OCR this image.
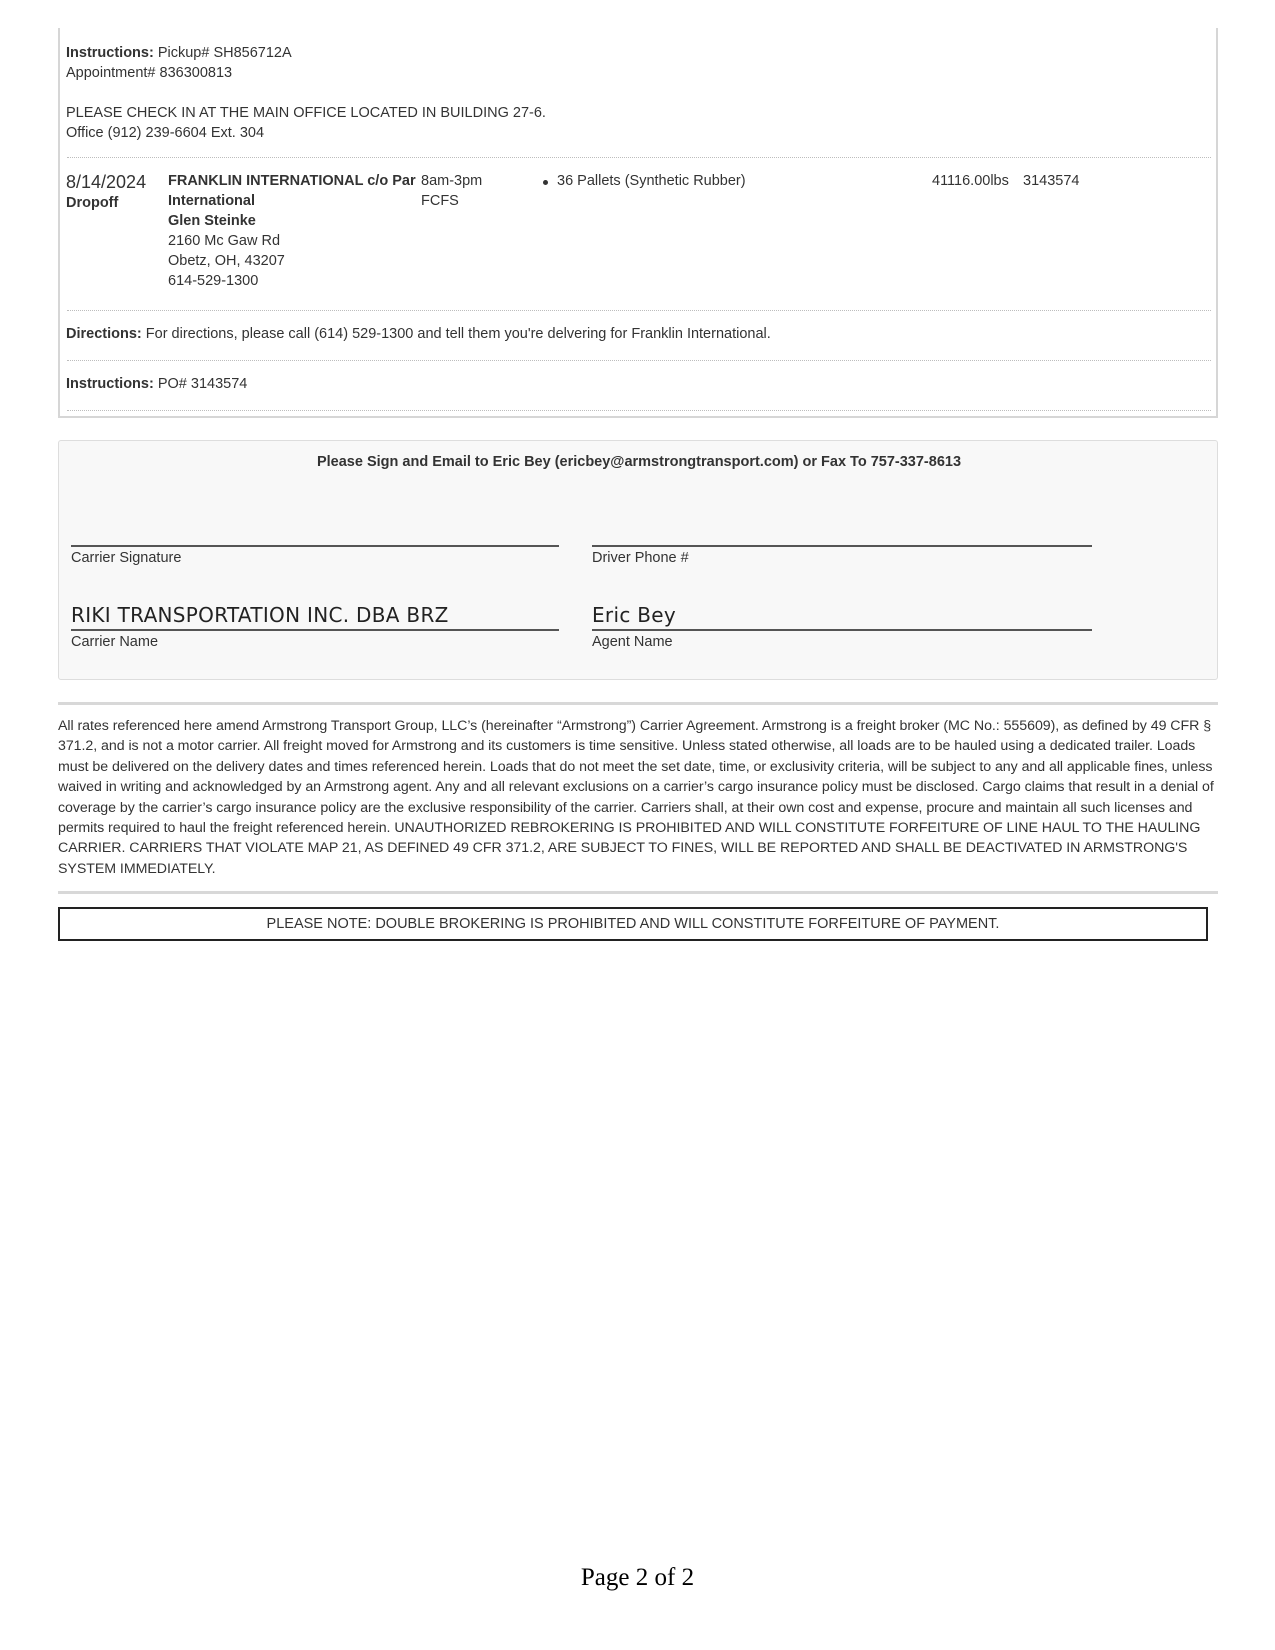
Instructions: Pickup# SH856712A
Appointment# 836300813
PLEASE CHECK IN AT THE MAIN OFFICE LOCATED IN BUILDING 27-6.
Office (912) 239-6604 Ext. 304
8/14/2024
Dropoff
FRANKLIN INTERNATIONAL c/o Par
International
Glen Steinke
2160 Mc Gaw Rd
Obetz, OH, 43207
614-529-1300
8am-3pm
FCFS
36 Pallets (Synthetic Rubber)	41116.00lbs 3143574
Directions: For directions, please call (614) 529-1300 and tell them you're delvering for Franklin International.
Instructions: PO# 3143574
Please Sign and Email to Eric Bey (ericbey@armstrongtransport.com) or Fax To 757-337-8613
Carrier Signature	Driver Phone #
RIKI TRANSPORTATION INC. DBA BRZ
Carrier Name
Eric Bey
Agent Name
All rates referenced here amend Armstrong Transport Group, LLC’s (hereinafter “Armstrong”) Carrier Agreement. Armstrong is a freight broker (MC No.: 555609), as defined by 49 CFR § 371.2, and is not a motor carrier. All freight moved for Armstrong and its customers is time sensitive. Unless stated otherwise, all loads are to be hauled using a dedicated trailer. Loads must be delivered on the delivery dates and times referenced herein. Loads that do not meet the set date, time, or exclusivity criteria, will be subject to any and all applicable fines, unless waived in writing and acknowledged by an Armstrong agent. Any and all relevant exclusions on a carrier’s cargo insurance policy must be disclosed. Cargo claims that result in a denial of coverage by the carrier’s cargo insurance policy are the exclusive responsibility of the carrier. Carriers shall, at their own cost and expense, procure and maintain all such licenses and permits required to haul the freight referenced herein. UNAUTHORIZED REBROKERING IS PROHIBITED AND WILL CONSTITUTE FORFEITURE OF LINE HAUL TO THE HAULING CARRIER. CARRIERS THAT VIOLATE MAP 21, AS DEFINED 49 CFR 371.2, ARE SUBJECT TO FINES, WILL BE REPORTED AND SHALL BE DEACTIVATED IN ARMSTRONG'S SYSTEM IMMEDIATELY.
PLEASE NOTE: DOUBLE BROKERING IS PROHIBITED AND WILL CONSTITUTE FORFEITURE OF PAYMENT.
Page 2 of 2
